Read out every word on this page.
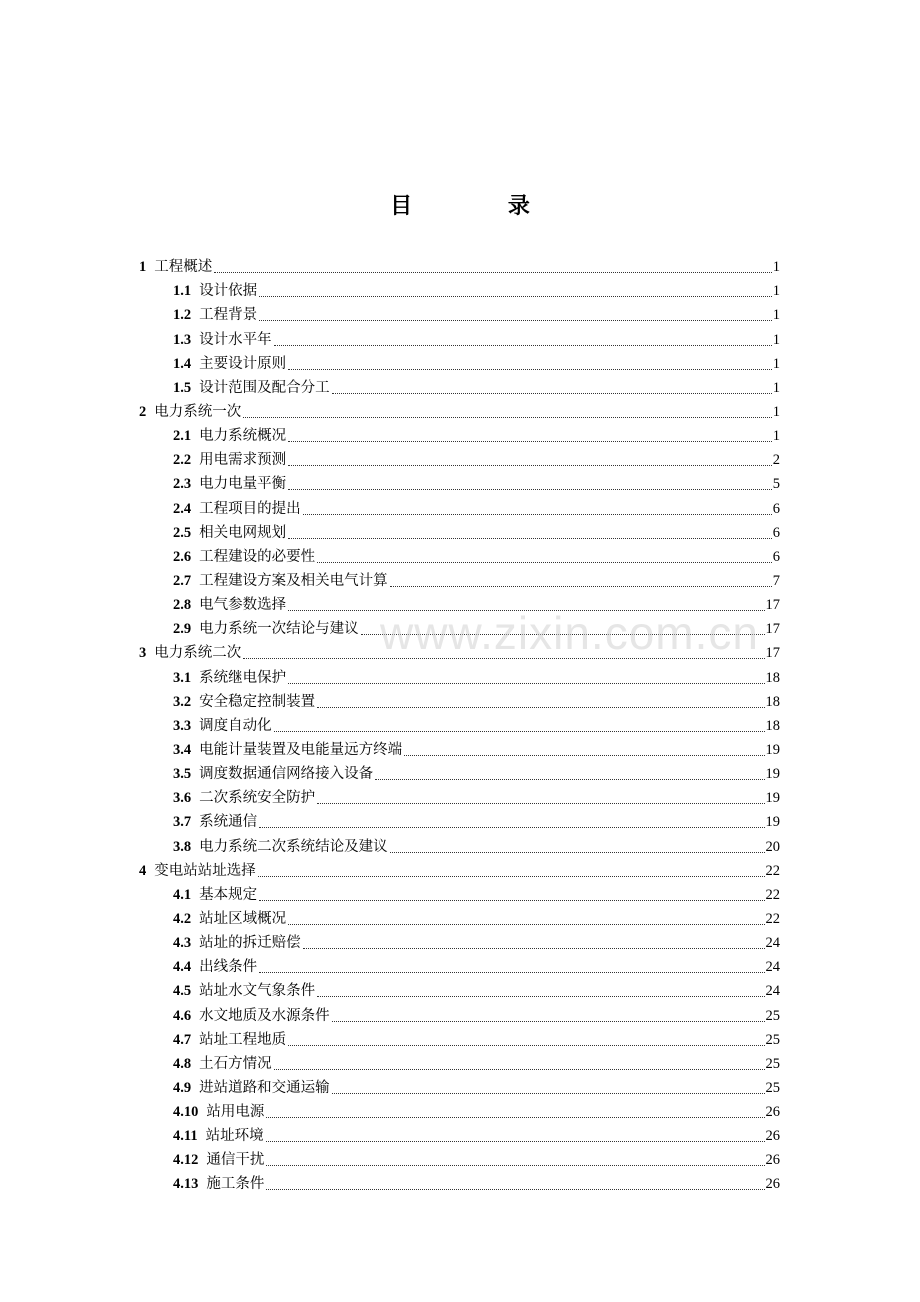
目 录
1 工程概述	1
1.1 设计依据	1
1.2 工程背景	1
1.3 设计水平年	1
1.4 主要设计原则	1
1.5 设计范围及配合分工	1
2 电力系统一次	1
2.1 电力系统概况	1
2.2 用电需求预测	2
2.3 电力电量平衡	5
2.4 工程项目的提出	6
2.5 相关电网规划	6
2.6 工程建设的必要性	6
2.7 工程建设方案及相关电气计算	7
2.8 电气参数选择	17
2.9 电力系统一次结论与建议	17
3 电力系统二次	17
3.1 系统继电保护	18
3.2 安全稳定控制装置	18
3.3 调度自动化	18
3.4 电能计量装置及电能量远方终端	19
3.5 调度数据通信网络接入设备	19
3.6 二次系统安全防护	19
3.7 系统通信	19
3.8 电力系统二次系统结论及建议	20
4 变电站站址选择	22
4.1 基本规定	22
4.2 站址区域概况	22
4.3 站址的拆迁赔偿	24
4.4 出线条件	24
4.5 站址水文气象条件	24
4.6 水文地质及水源条件	25
4.7 站址工程地质	25
4.8 土石方情况	25
4.9 进站道路和交通运输	25
4.10 站用电源	26
4.11 站址环境	26
4.12 通信干扰	26
4.13 施工条件	26
www.zixin.com.cn
